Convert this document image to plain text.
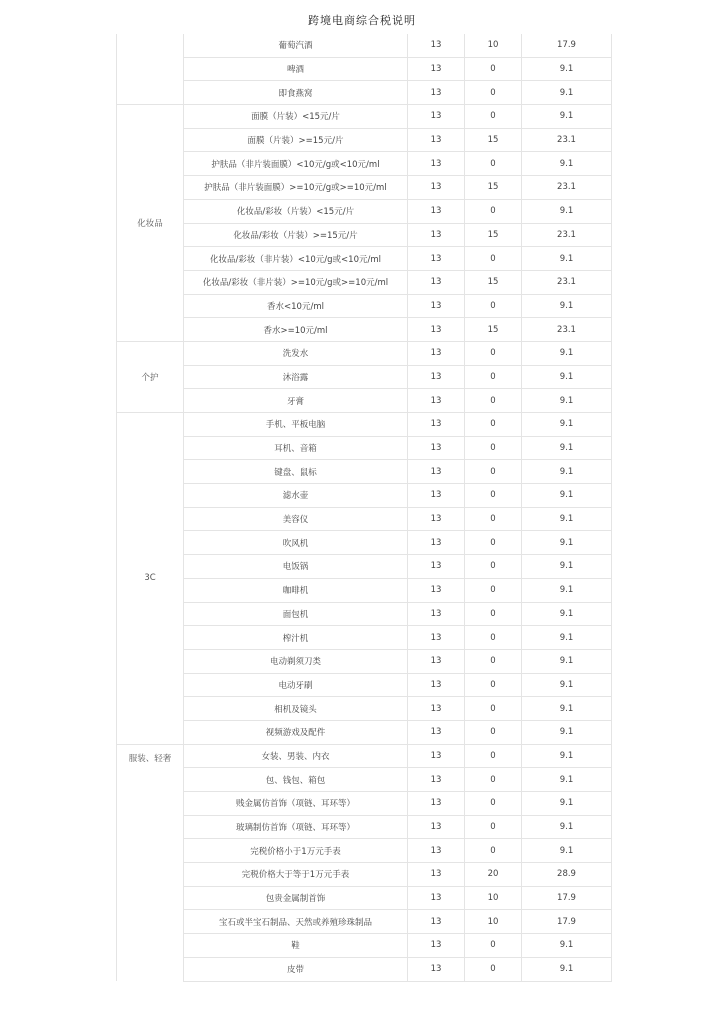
跨境电商综合税说明
	葡萄汽酒	13	10	17.9
	啤酒	13	0	9.1
	即食燕窝	13	0	9.1
化妆品	面膜（片装）<15元/片	13	0	9.1
	面膜（片装）>=15元/片	13	15	23.1
	护肤品（非片装面膜）<10元/g或<10元/ml	13	0	9.1
	护肤品（非片装面膜）>=10元/g或>=10元/ml	13	15	23.1
	化妆品/彩妆（片装）<15元/片	13	0	9.1
	化妆品/彩妆（片装）>=15元/片	13	15	23.1
	化妆品/彩妆（非片装）<10元/g或<10元/ml	13	0	9.1
	化妆品/彩妆（非片装）>=10元/g或>=10元/ml	13	15	23.1
	香水<10元/ml	13	0	9.1
	香水>=10元/ml	13	15	23.1
个护	洗发水	13	0	9.1
	沐浴露	13	0	9.1
	牙膏	13	0	9.1
3C	手机、平板电脑	13	0	9.1
	耳机、音箱	13	0	9.1
	键盘、鼠标	13	0	9.1
	滤水壶	13	0	9.1
	美容仪	13	0	9.1
	吹风机	13	0	9.1
	电饭锅	13	0	9.1
	咖啡机	13	0	9.1
	面包机	13	0	9.1
	榨汁机	13	0	9.1
	电动剃须刀类	13	0	9.1
	电动牙刷	13	0	9.1
	相机及镜头	13	0	9.1
	视频游戏及配件	13	0	9.1
服装、轻奢	女装、男装、内衣	13	0	9.1
	包、钱包、箱包	13	0	9.1
	贱金属仿首饰（项链、耳环等）	13	0	9.1
	玻璃制仿首饰（项链、耳环等）	13	0	9.1
	完税价格小于1万元手表	13	0	9.1
	完税价格大于等于1万元手表	13	20	28.9
	包贵金属制首饰	13	10	17.9
	宝石或半宝石制品、天然或养殖珍珠制品	13	10	17.9
	鞋	13	0	9.1
	皮带	13	0	9.1
